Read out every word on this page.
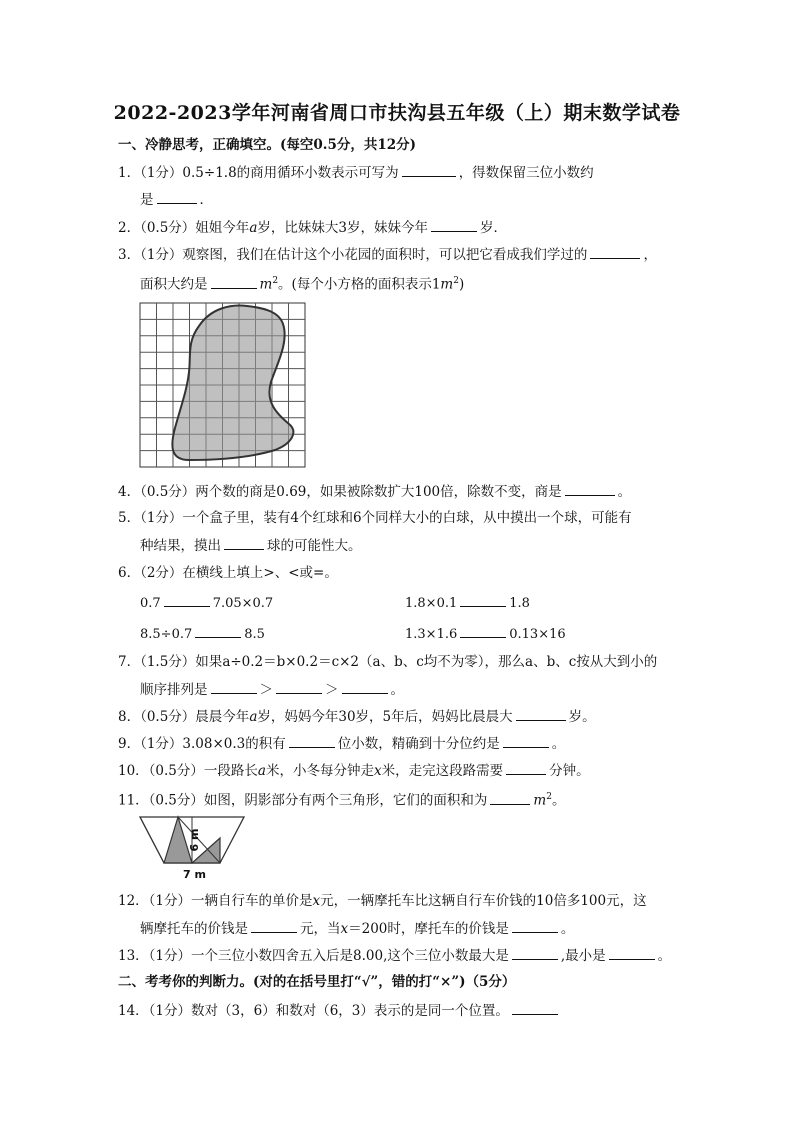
2022-2023学年河南省周口市扶沟县五年级（上）期末数学试卷
一、冷静思考，正确填空。(每空0.5分，共12分)
1．（1分）0.5÷1.8的商用循环小数表示可写为	，得数保留三位小数约
是	．
2．（0.5分）姐姐今年a岁，比妹妹大3岁，妹妹今年	岁．
3．（1分）观察图，我们在估计这个小花园的面积时，可以把它看成我们学过的	，
面积大约是	$m^2$。(每个小方格的面积表示$1m^2$)
4．（0.5分）两个数的商是0.69，如果被除数扩大100倍，除数不变，商是	。
5．（1分）一个盒子里，装有4个红球和6个同样大小的白球，从中摸出一个球，可能有
种结果，摸出	球的可能性大。
6．（2分）在横线上填上>、<或=。
0.7	7.05×0.7	1.8×0.1	1.8
8.5÷0.7	8.5	1.3×1.6	0.13×16
7．（1.5分）如果a÷0.2＝b×0.2＝c×2（a、b、c均不为零），那么a、b、c按从大到小的
顺序排列是	＞	＞	。
8．（0.5分）晨晨今年a岁，妈妈今年30岁，5年后，妈妈比晨晨大	岁。
9．（1分）3.08×0.3的积有	位小数，精确到十分位约是	。
10．（0.5分）一段路长a米，小冬每分钟走x米，走完这段路需要	分钟。
11．（0.5分）如图，阴影部分有两个三角形，它们的面积和为	$m^2$。
6 m
7 m
12．（1分）一辆自行车的单价是x元，一辆摩托车比这辆自行车价钱的10倍多100元，这
辆摩托车的价钱是	元，当x＝200时，摩托车的价钱是	。
13．（1分）一个三位小数四舍五入后是8.00,这个三位小数最大是	,最小是	。
二、考考你的判断力。(对的在括号里打“√”，错的打“×”)（5分）
14．（1分）数对（3，6）和数对（6，3）表示的是同一个位置。
